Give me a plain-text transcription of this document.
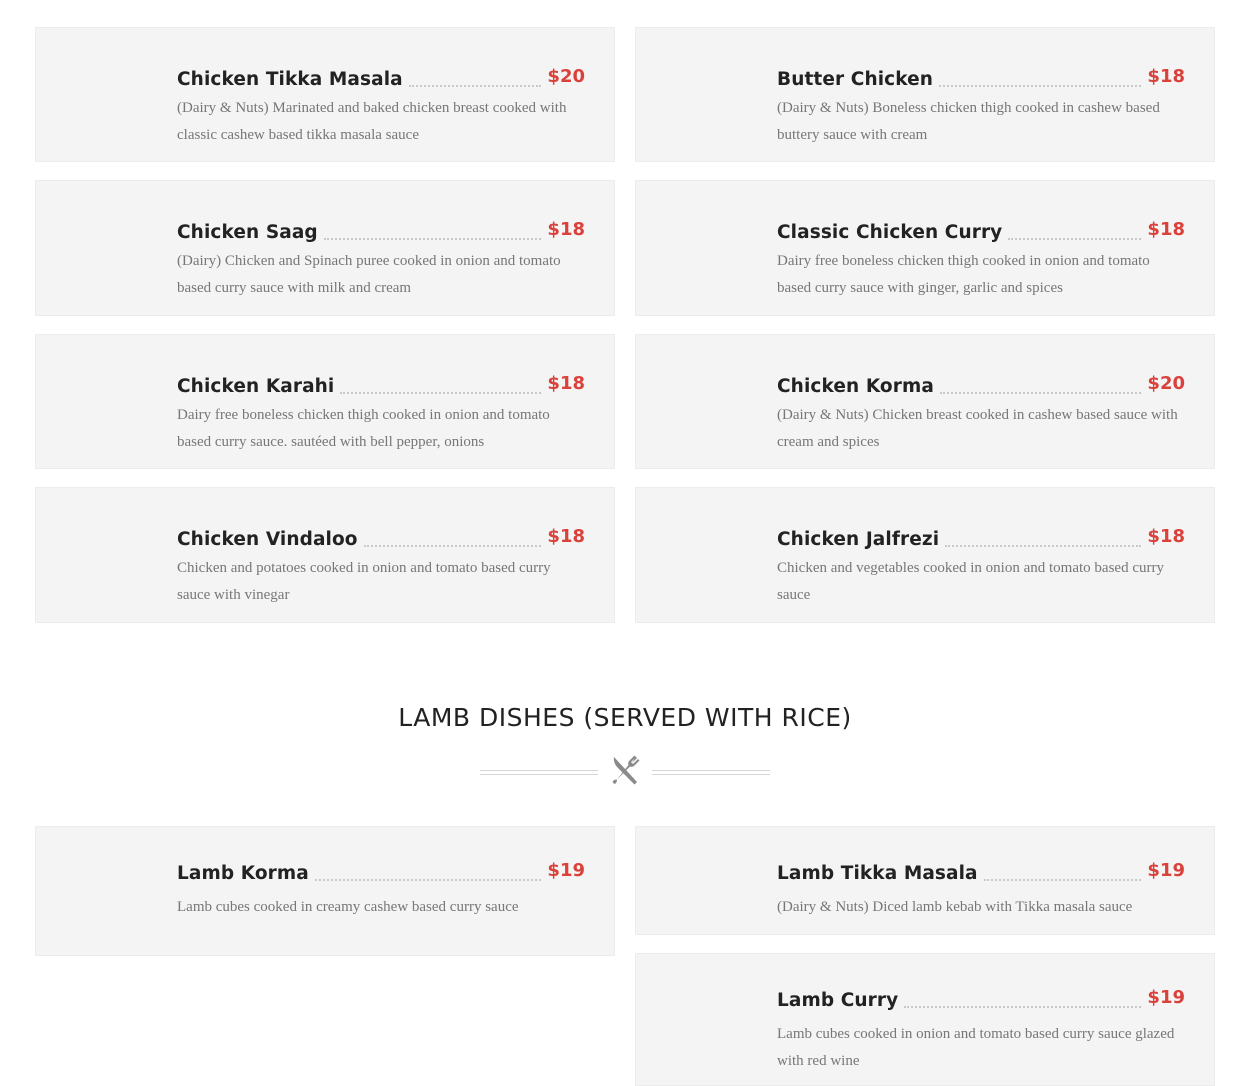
Chicken Tikka Masala	$20
(Dairy & Nuts) Marinated and baked chicken breast cooked with classic cashew based tikka masala sauce
Butter Chicken	$18
(Dairy & Nuts) Boneless chicken thigh cooked in cashew based buttery sauce with cream
Chicken Saag	$18
(Dairy) Chicken and Spinach puree cooked in onion and tomato based curry sauce with milk and cream
Classic Chicken Curry	$18
Dairy free boneless chicken thigh cooked in onion and tomato based curry sauce with ginger, garlic and spices
Chicken Karahi	$18
Dairy free boneless chicken thigh cooked in onion and tomato based curry sauce. sautéed with bell pepper, onions
Chicken Korma	$20
(Dairy & Nuts) Chicken breast cooked in cashew based sauce with cream and spices
Chicken Vindaloo	$18
Chicken and potatoes cooked in onion and tomato based curry sauce with vinegar
Chicken Jalfrezi	$18
Chicken and vegetables cooked in onion and tomato based curry sauce
LAMB DISHES (SERVED WITH RICE)
Lamb Korma	$19
Lamb cubes cooked in creamy cashew based curry sauce
Lamb Tikka Masala	$19
(Dairy & Nuts) Diced lamb kebab with Tikka masala sauce
Lamb Curry	$19
Lamb cubes cooked in onion and tomato based curry sauce glazed with red wine
